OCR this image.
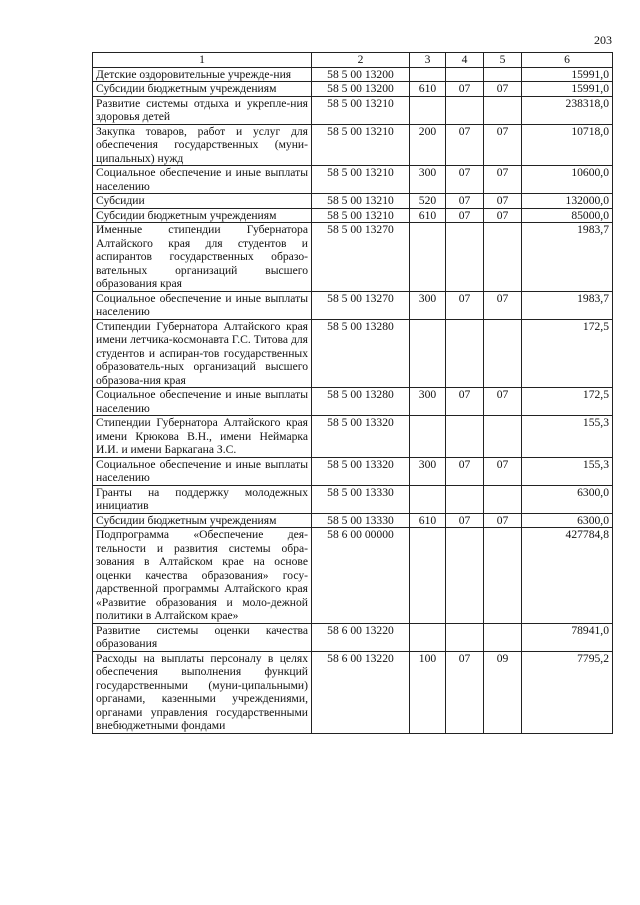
203
1	2	3	4	5	6
Детские оздоровительные учрежде-ния	58 5 00 13200				15991,0
Субсидии бюджетным учреждениям	58 5 00 13200	610	07	07	15991,0
Развитие системы отдыха и укрепле-ния здоровья детей	58 5 00 13210				238318,0
Закупка товаров, работ и услуг для обеспечения государственных (муни-ципальных) нужд	58 5 00 13210	200	07	07	10718,0
Социальное обеспечение и иные выплаты населению	58 5 00 13210	300	07	07	10600,0
Субсидии	58 5 00 13210	520	07	07	132000,0
Субсидии бюджетным учреждениям	58 5 00 13210	610	07	07	85000,0
Именные стипендии Губернатора Алтайского края для студентов и аспирантов государственных образо-вательных организаций высшего образования края	58 5 00 13270				1983,7
Социальное обеспечение и иные выплаты населению	58 5 00 13270	300	07	07	1983,7
Стипендии Губернатора Алтайского края имени летчика-космонавта Г.С. Титова для студентов и аспиран-тов государственных образователь-ных организаций высшего образова-ния края	58 5 00 13280				172,5
Социальное обеспечение и иные выплаты населению	58 5 00 13280	300	07	07	172,5
Стипендии Губернатора Алтайского края имени Крюкова В.Н., имени Неймарка И.И. и имени Баркагана З.С.	58 5 00 13320				155,3
Социальное обеспечение и иные выплаты населению	58 5 00 13320	300	07	07	155,3
Гранты на поддержку молодежных инициатив	58 5 00 13330				6300,0
Субсидии бюджетным учреждениям	58 5 00 13330	610	07	07	6300,0
Подпрограмма «Обеспечение дея-тельности и развития системы обра-зования в Алтайском крае на основе оценки качества образования» госу-дарственной программы Алтайского края «Развитие образования и моло-дежной политики в Алтайском крае»	58 6 00 00000				427784,8
Развитие системы оценки качества образования	58 6 00 13220				78941,0
Расходы на выплаты персоналу в целях обеспечения выполнения функций государственными (муни-ципальными) органами, казенными учреждениями, органами управления государственными внебюджетными фондами	58 6 00 13220	100	07	09	7795,2
